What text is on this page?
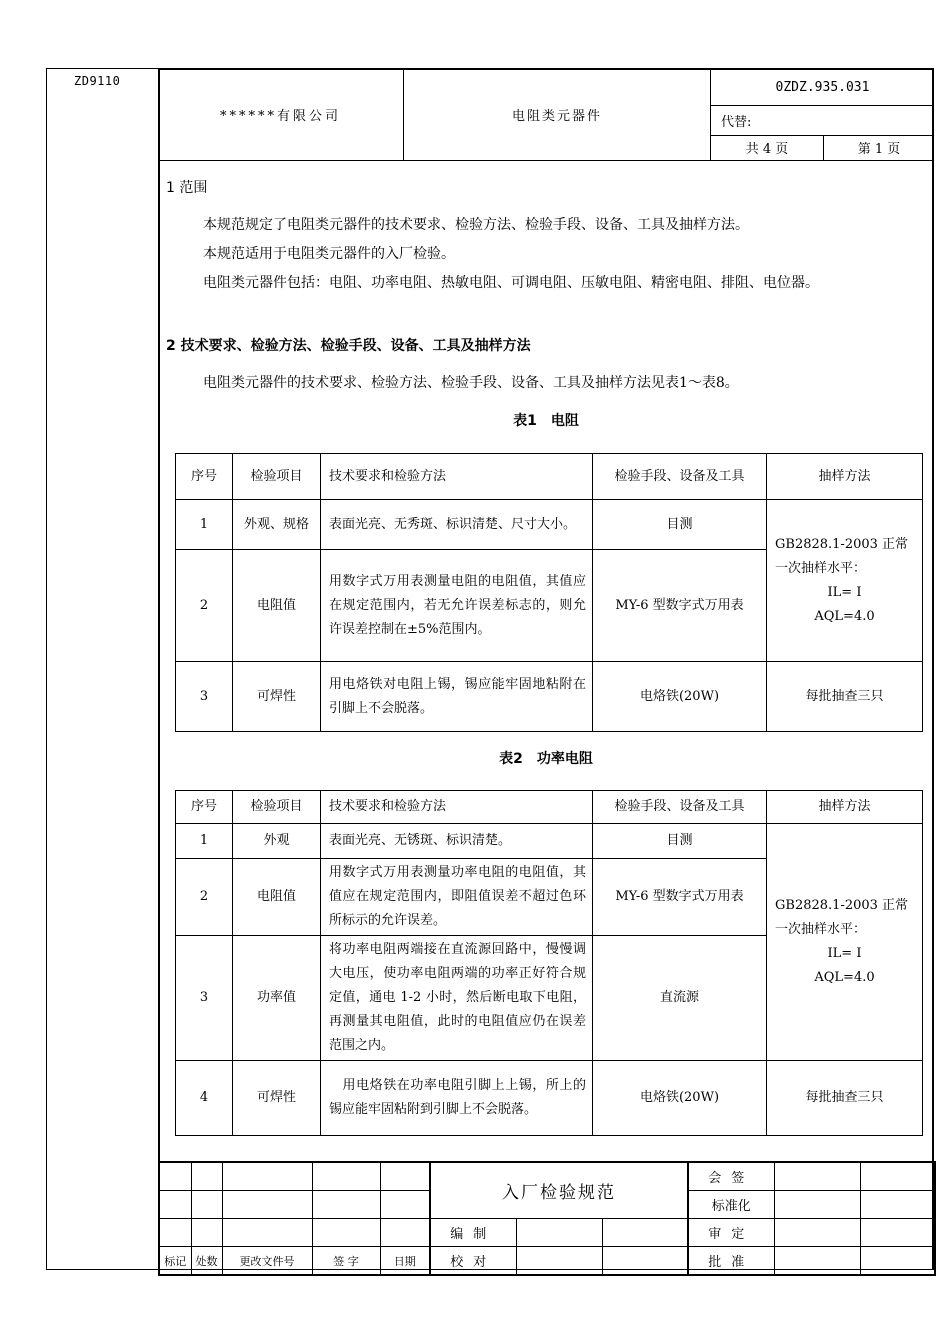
ZD9110
******有限公司	电阻类元器件	0ZDZ.935.031	
		代替:	
		共 4 页	第 1 页
1 范围
本规范规定了电阻类元器件的技术要求、检验方法、检验手段、设备、工具及抽样方法。
本规范适用于电阻类元器件的入厂检验。
电阻类元器件包括：电阻、功率电阻、热敏电阻、可调电阻、压敏电阻、精密电阻、排阻、电位器。
2 技术要求、检验方法、检验手段、设备、工具及抽样方法
电阻类元器件的技术要求、检验方法、检验手段、设备、工具及抽样方法见表1～表8。
表1　电阻
序号	检验项目	技术要求和检验方法	检验手段、设备及工具	抽样方法
1	外观、规格	表面光亮、无秀斑、标识清楚、尺寸大小。	目测	GB2828.1-2003 正常一次抽样水平：
IL= I
AQL=4.0

2	电阻值	用数字式万用表测量电阻的电阻值，其值应在规定范围内，若无允许误差标志的，则允许误差控制在±5%范围内。	MY-6 型数字式万用表	
3	可焊性	用电烙铁对电阻上锡，锡应能牢固地粘附在引脚上不会脱落。	电烙铁(20W)	每批抽查三只
表2　功率电阻
序号	检验项目	技术要求和检验方法	检验手段、设备及工具	抽样方法
1	外观	表面光亮、无锈斑、标识清楚。	目测	GB2828.1-2003 正常一次抽样水平：
IL= I
AQL=4.0

2	电阻值	用数字式万用表测量功率电阻的电阻值，其值应在规定范围内，即阻值误差不超过色环所标示的允许误差。	MY-6 型数字式万用表	
3	功率值	将功率电阻两端接在直流源回路中，慢慢调大电压，使功率电阻两端的功率正好符合规定值，通电 1-2 小时，然后断电取下电阻，再测量其电阻值，此时的电阻值应仍在误差范围之内。	直流源	
4	可焊性	　用电烙铁在功率电阻引脚上上锡，所上的锡应能牢固粘附到引脚上不会脱落。	电烙铁(20W)	每批抽查三只
					入厂检验规范			会签		
								标准化		
					编制			审定		
标记	处数	更改文件号	签 字	日期	校对			批准		
